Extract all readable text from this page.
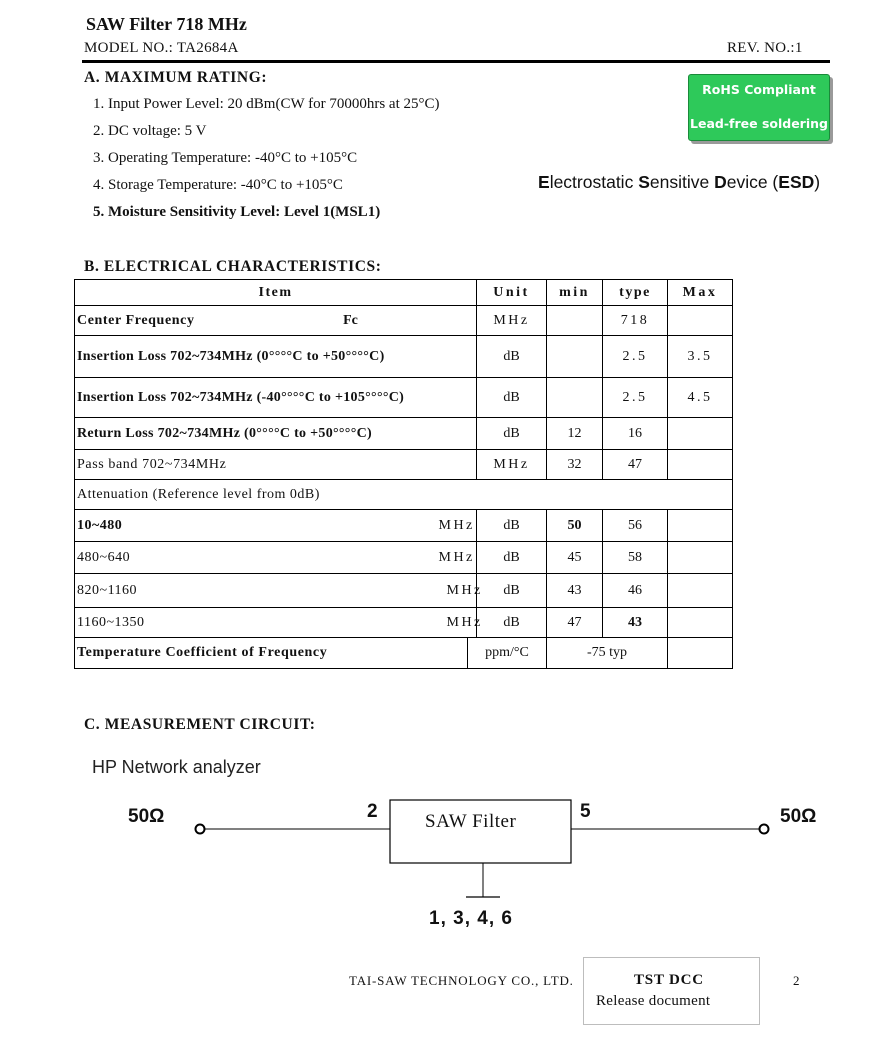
SAW Filter 718 MHz
MODEL NO.: TA2684A	REV. NO.:1
A. MAXIMUM RATING:
1. Input Power Level: 20 dBm(CW for 70000hrs at 25°C)
2. DC voltage: 5 V
3. Operating Temperature: -40°C to +105°C
4. Storage Temperature: -40°C to +105°C
5. Moisture Sensitivity Level: Level 1(MSL1)
RoHS Compliant
Lead-free soldering
Electrostatic Sensitive Device (ESD)
B. ELECTRICAL CHARACTERISTICS:
Item		Unit	min	type	Max
Center Frequency Fc		MHz		718	
Insertion Loss 702~734MHz (0°°°°C to +50°°°°C)		dB		2.5	3.5
Insertion Loss 702~734MHz (-40°°°°C to +105°°°°C)		dB		2.5	4.5
Return Loss 702~734MHz (0°°°°C to +50°°°°C)		dB	12	16	
Pass band 702~734MHz		MHz	32	47	
Attenuation (Reference level from 0dB)					
10~480 MHz		dB	50	56	
480~640 MHz		dB	45	58	
820~1160 MHz		dB	43	46	
1160~1350 MHz		dB	47	43	
Temperature Coefficient of Frequency	ppm/°C		-75 typ		
C. MEASUREMENT CIRCUIT:
HP Network analyzer
50Ω	2 SAW Filter	5	50Ω
1, 3, 4, 6
TAI-SAW TECHNOLOGY CO., LTD.	TST DCC
Release document
2
